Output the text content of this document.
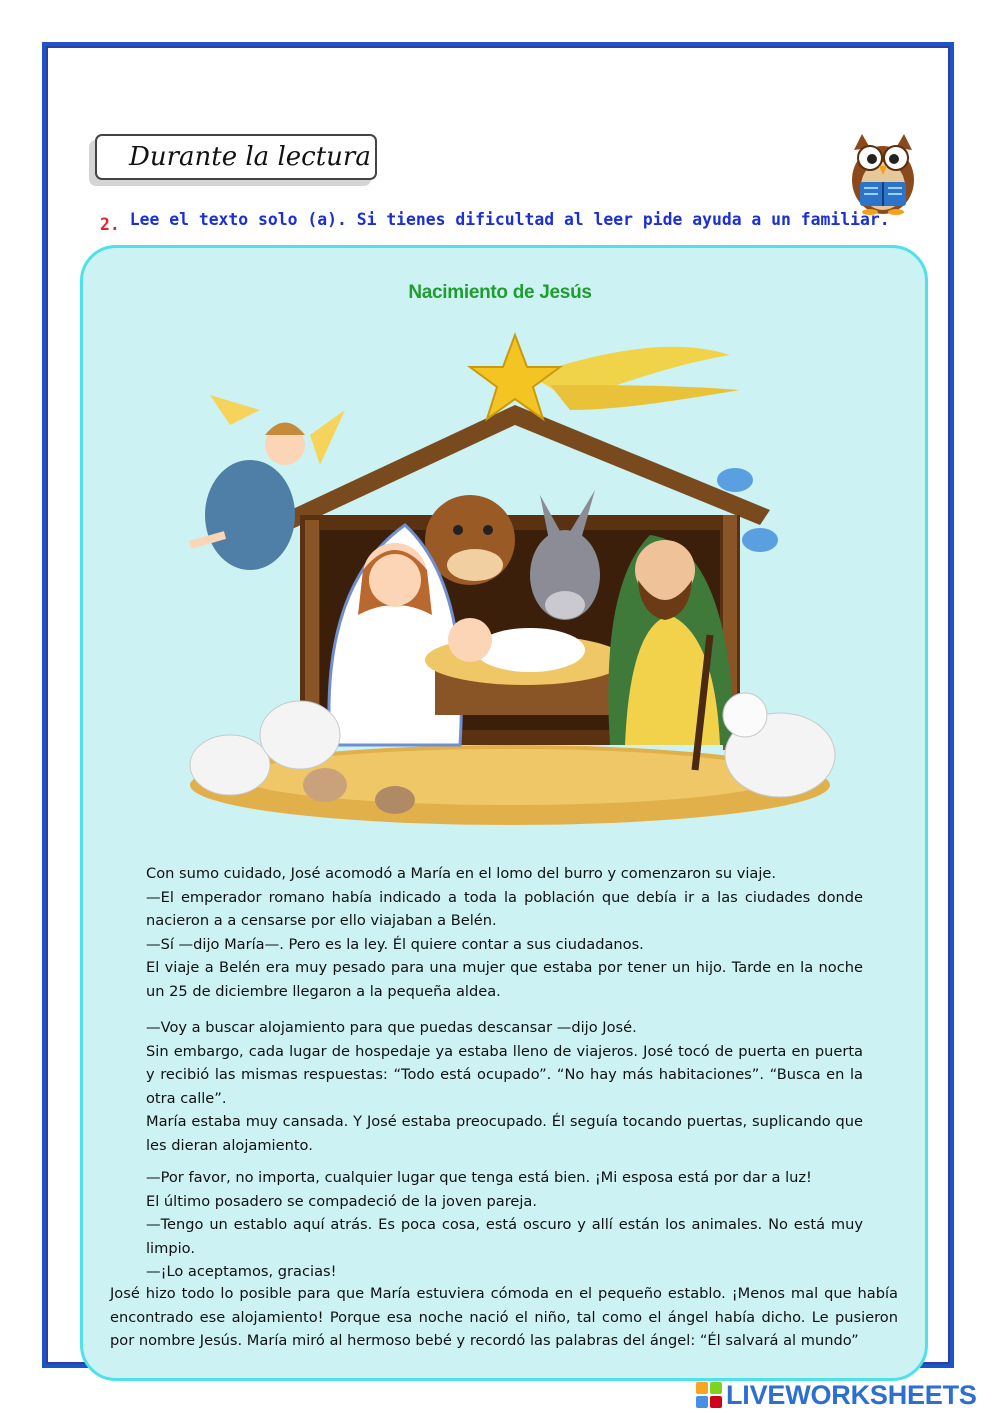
Durante la lectura
2. Lee el texto solo (a). Si tienes dificultad al leer pide ayuda a un familiar.
Nacimiento de Jesús

Con sumo cuidado, José acomodó a María en el lomo del burro y comenzaron su viaje.

—El emperador romano había indicado a toda la población que debía ir a las ciudades donde nacieron a a censarse por ello viajaban a Belén.

—Sí —dijo María—. Pero es la ley. Él quiere contar a sus ciudadanos.

El viaje a Belén era muy pesado para una mujer que estaba por tener un hijo. Tarde en la noche un 25 de diciembre llegaron a la pequeña aldea.

—Voy a buscar alojamiento para que puedas descansar —dijo José.

Sin embargo, cada lugar de hospedaje ya estaba lleno de viajeros. José tocó de puerta en puerta y recibió las mismas respuestas: “Todo está ocupado”. “No hay más habitaciones”. “Busca en la otra calle”.

María estaba muy cansada. Y José estaba preocupado. Él seguía tocando puertas, suplicando que les dieran alojamiento.

—Por favor, no importa, cualquier lugar que tenga está bien. ¡Mi esposa está por dar a luz!

El último posadero se compadeció de la joven pareja.

—Tengo un establo aquí atrás. Es poca cosa, está oscuro y allí están los animales. No está muy limpio.

—¡Lo aceptamos, gracias!

José hizo todo lo posible para que María estuviera cómoda en el pequeño establo. ¡Menos mal que había encontrado ese alojamiento! Porque esa noche nació el niño, tal como el ángel había dicho. Le pusieron por nombre Jesús. María miró al hermoso bebé y recordó las palabras del ángel: “Él salvará al mundo”

LIVEWORKSHEETS
